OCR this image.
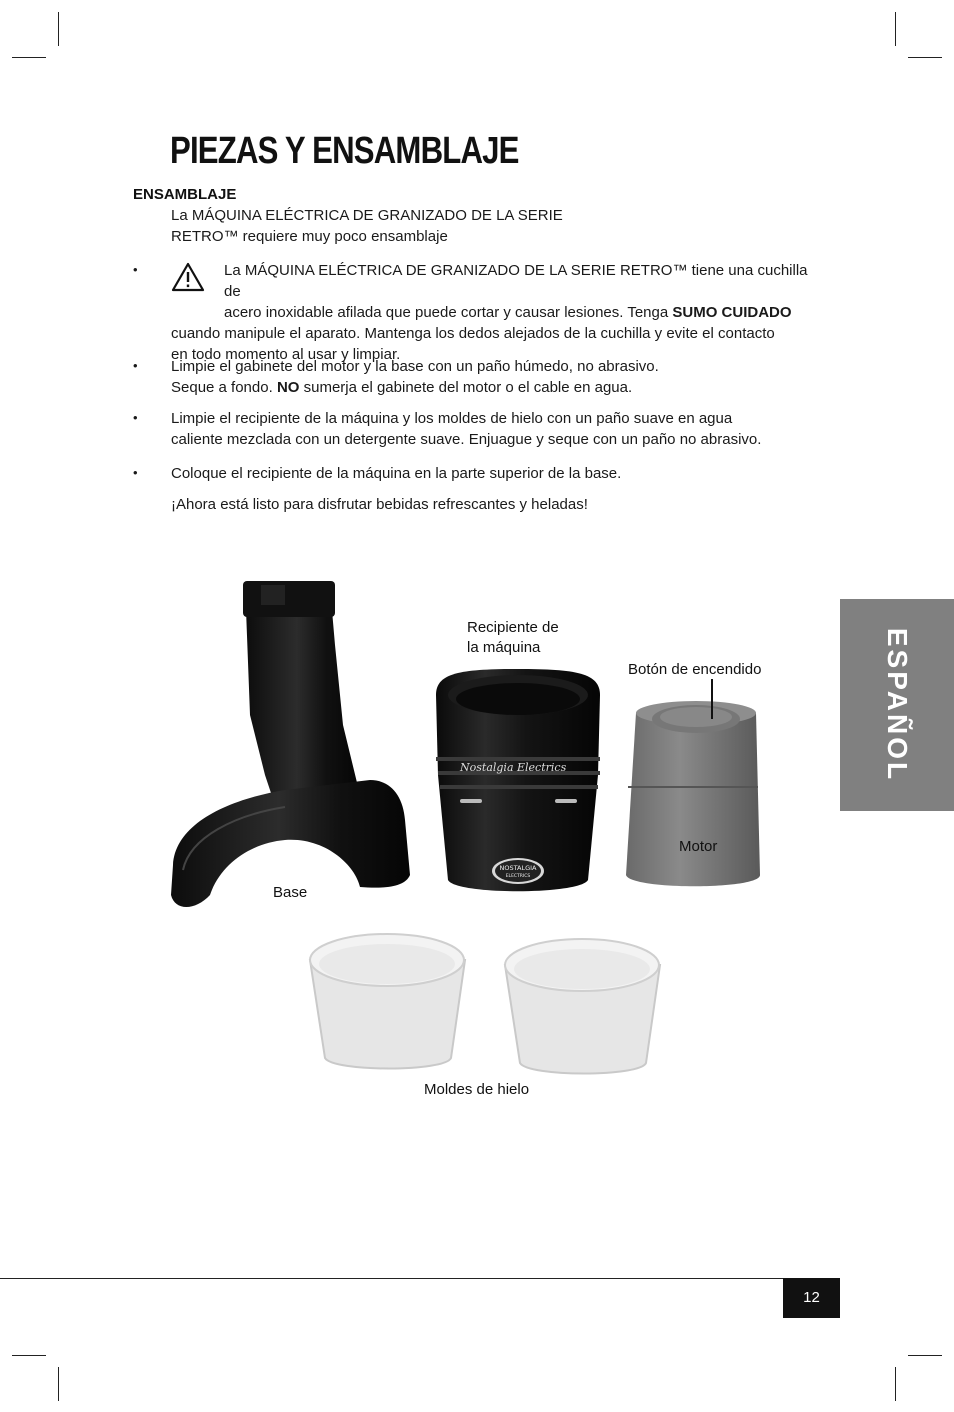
PIEZAS Y ENSAMBLAJE
ENSAMBLAJE
La MÁQUINA ELÉCTRICA DE GRANIZADO DE LA SERIE
RETRO™ requiere muy poco ensamblaje
•	La MÁQUINA ELÉCTRICA DE GRANIZADO DE LA SERIE RETRO™ tiene una cuchilla de
acero inoxidable afilada que puede cortar y causar lesiones. Tenga SUMO CUIDADO
cuando manipule el aparato. Mantenga los dedos alejados de la cuchilla y evite el contacto
en todo momento al usar y limpiar.
• Limpie el gabinete del motor y la base con un paño húmedo, no abrasivo.
Seque a fondo. NO sumerja el gabinete del motor o el cable en agua.
• Limpie el recipiente de la máquina y los moldes de hielo con un paño suave en agua
caliente mezclada con un detergente suave. Enjuague y seque con un paño no abrasivo.
• Coloque el recipiente de la máquina en la parte superior de la base.
¡Ahora está listo para disfrutar bebidas refrescantes y heladas!
ESPAÑOL
Nostalgia Electrics
NOSTALGIA
ELECTRICS
Recipiente de
la máquina
Botón de encendido
Motor
Base
Moldes de hielo
12
